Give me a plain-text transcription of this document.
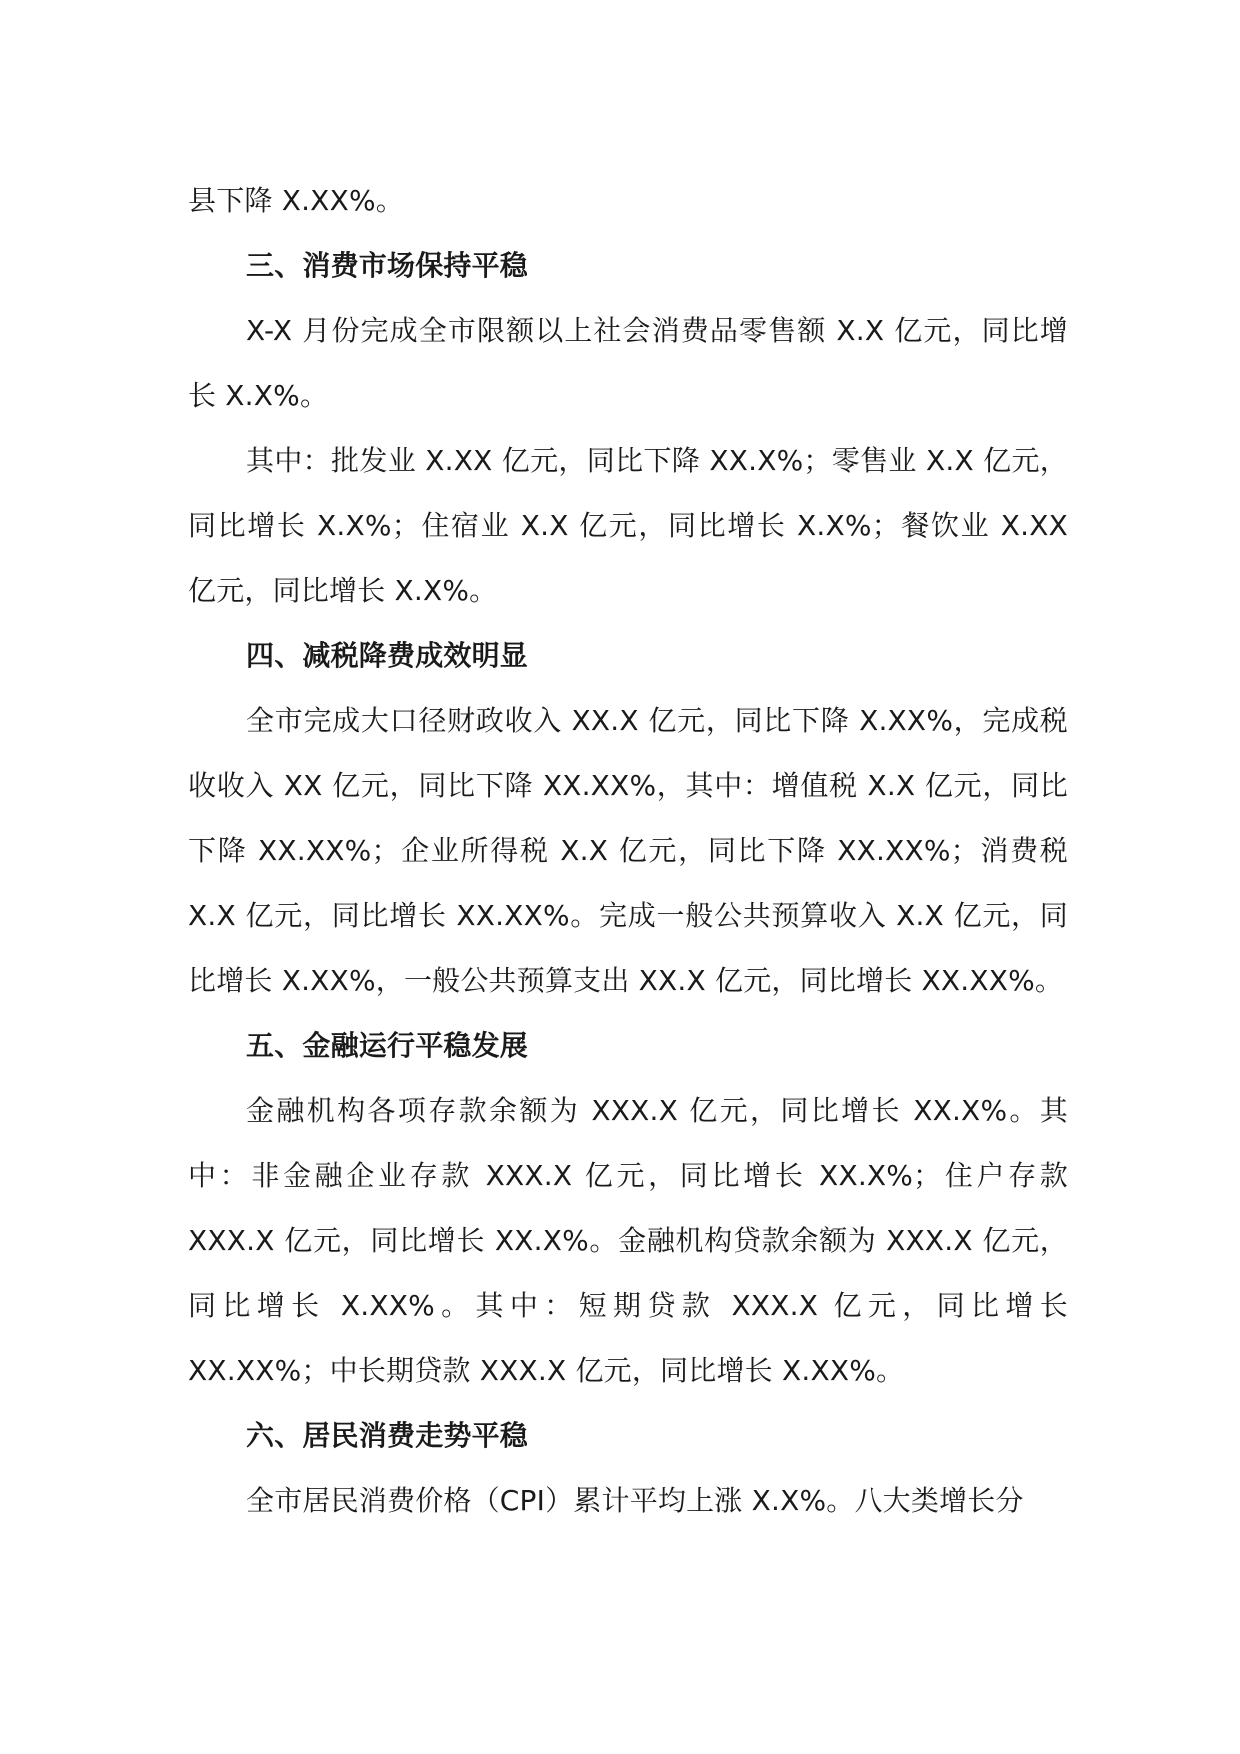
县下降 X.XX%。

三、消费市场保持平稳

X-X 月份完成全市限额以上社会消费品零售额 X.X 亿元，同比增长 X.X%。

其中：批发业 X.XX 亿元，同比下降 XX.X%；零售业 X.X 亿元，同比增长 X.X%；住宿业 X.X 亿元，同比增长 X.X%；餐饮业 X.XX 亿元，同比增长 X.X%。

四、减税降费成效明显

全市完成大口径财政收入 XX.X 亿元，同比下降 X.XX%，完成税收收入 XX 亿元，同比下降 XX.XX%，其中：增值税 X.X 亿元，同比下降 XX.XX%；企业所得税 X.X 亿元，同比下降 XX.XX%；消费税 X.X 亿元，同比增长 XX.XX%。完成一般公共预算收入 X.X 亿元，同比增长 X.XX%，一般公共预算支出 XX.X 亿元，同比增长 XX.XX%。

五、金融运行平稳发展

金融机构各项存款余额为 XXX.X 亿元，同比增长 XX.X%。其中：非金融企业存款 XXX.X 亿元，同比增长 XX.X%；住户存款 XXX.X 亿元，同比增长 XX.X%。金融机构贷款余额为 XXX.X 亿元，同比增长 X.XX%。其中：短期贷款 XXX.X 亿元，同比增长 XX.XX%；中长期贷款 XXX.X 亿元，同比增长 X.XX%。

六、居民消费走势平稳

全市居民消费价格（CPI）累计平均上涨 X.X%。八大类增长分
